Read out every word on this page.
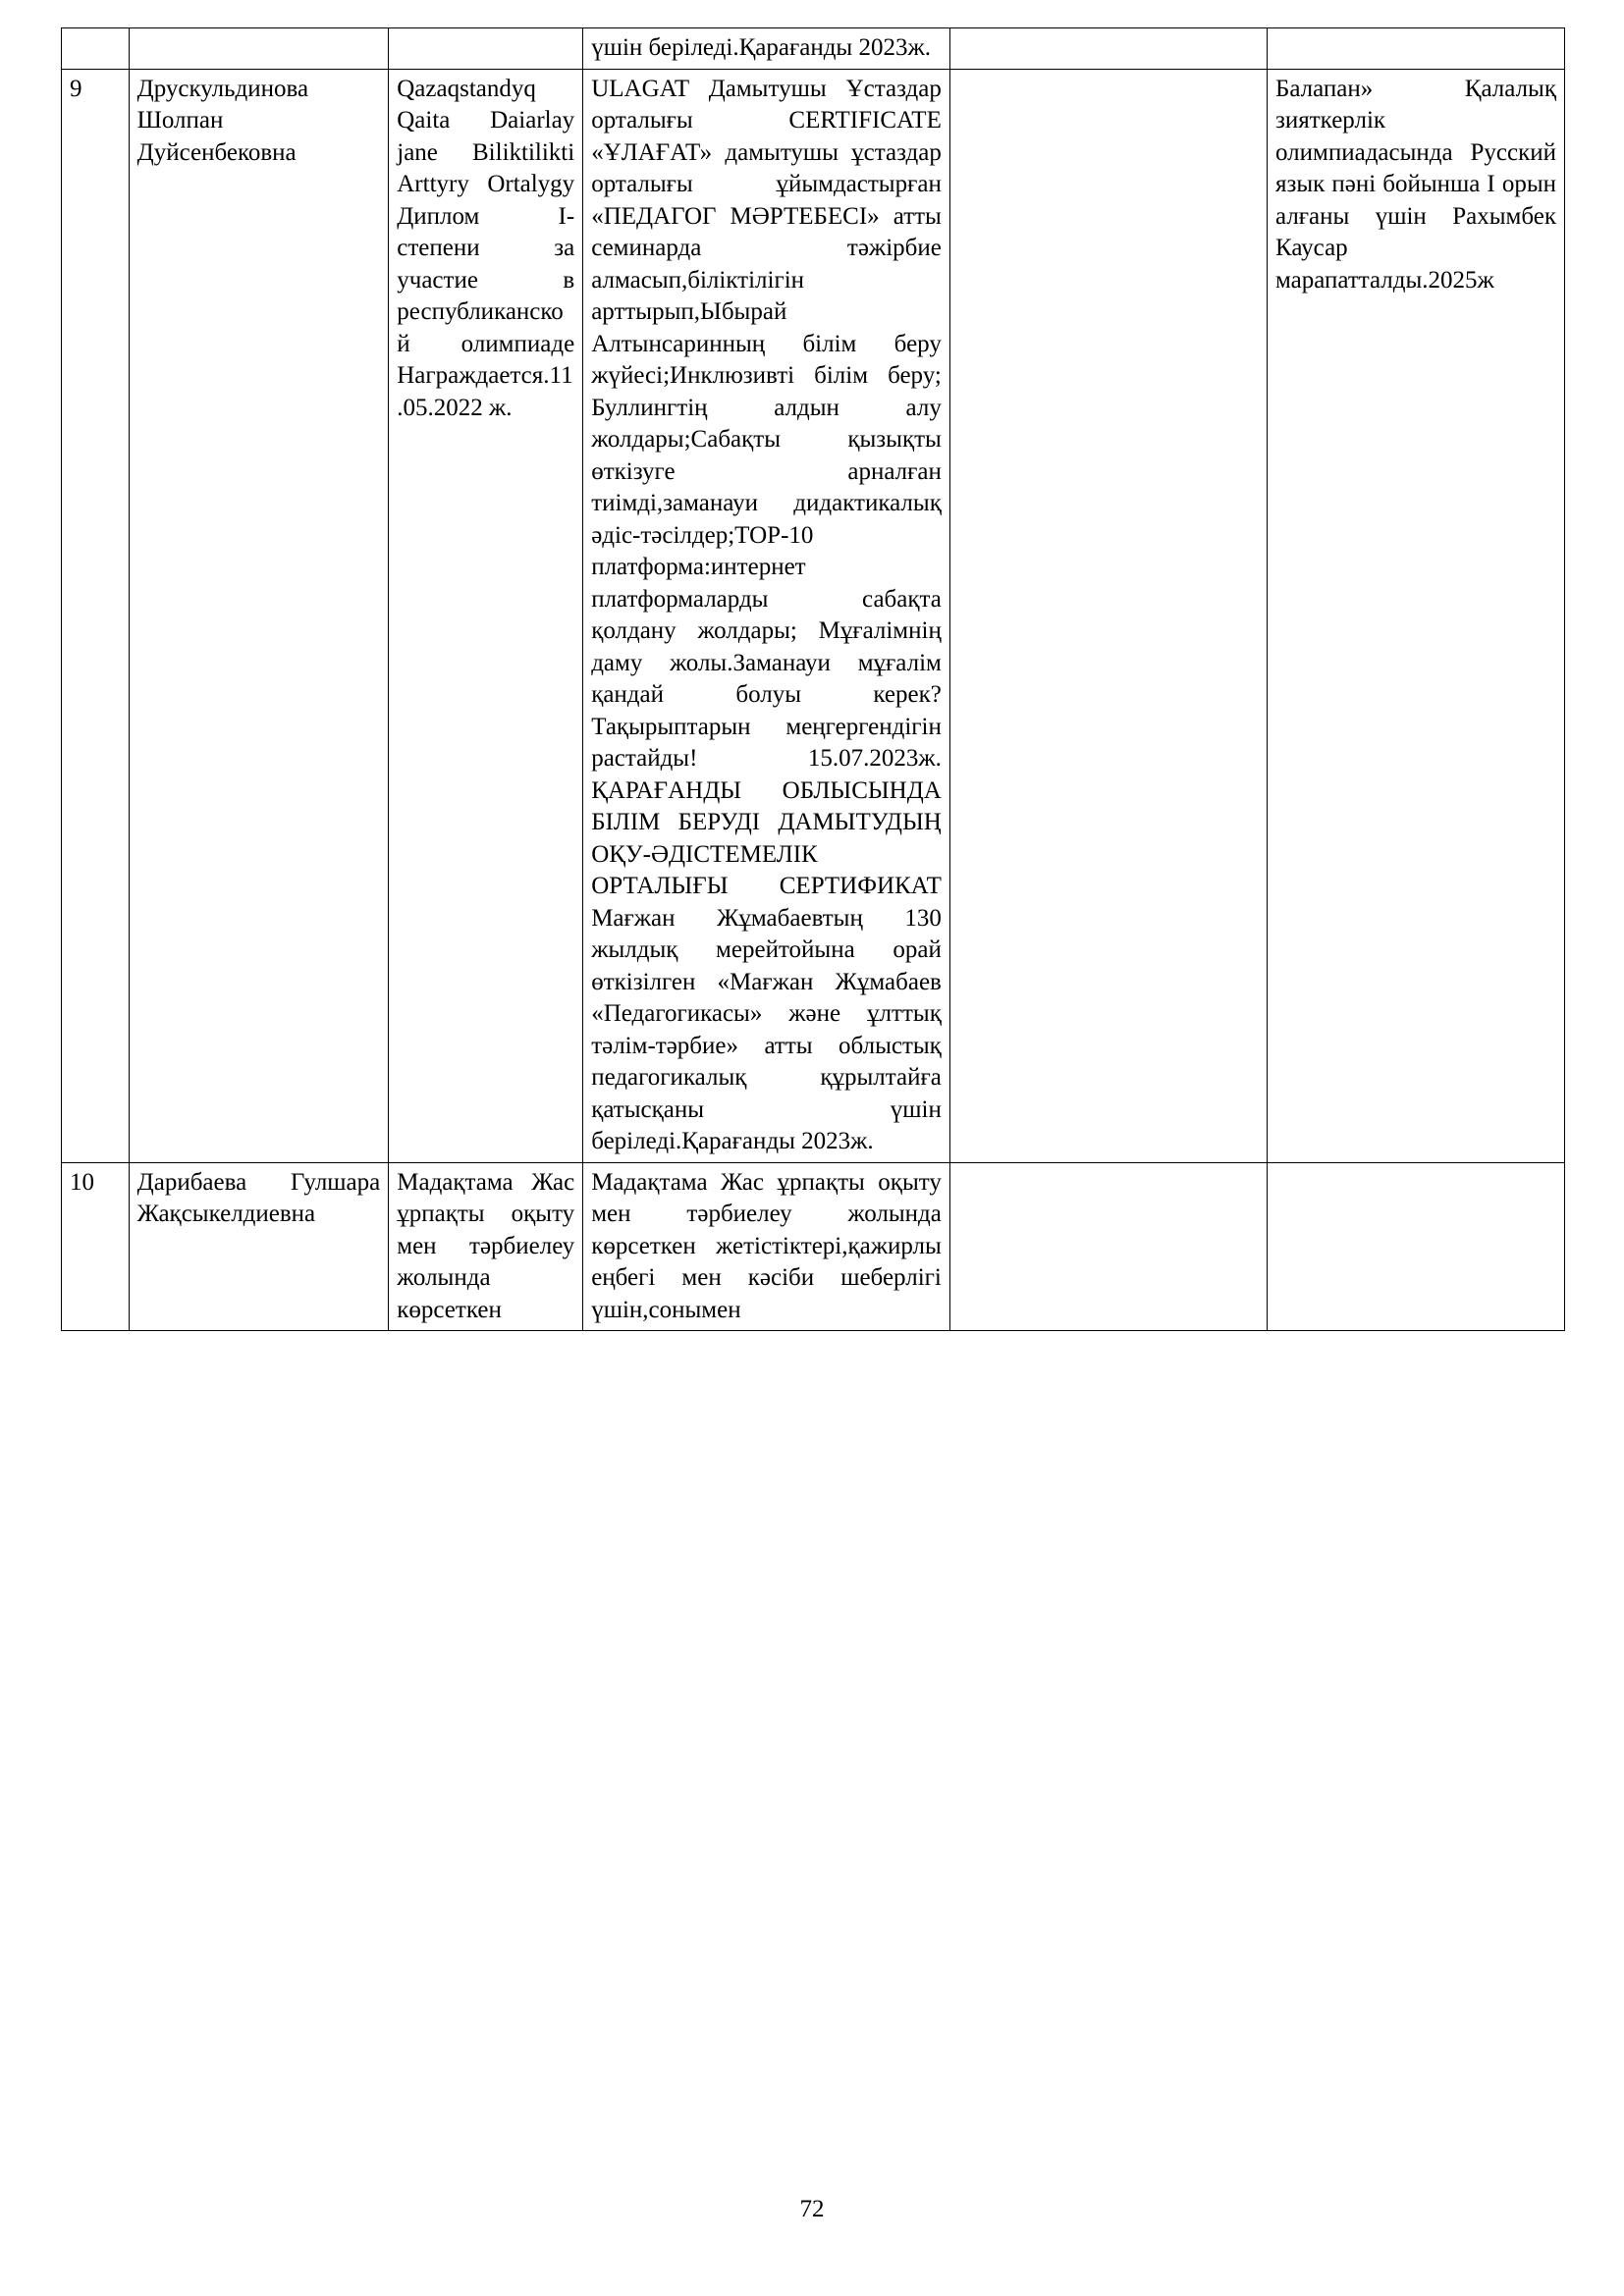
			үшін беріледі.Қарағанды 2023ж.		
9	Друскульдинова Шолпан Дуйсенбековна	Qazaqstandyq Qaita Daiarlay jane Biliktilikti Arttyry Ortalygy Диплом I-степени за участие в республиканской олимпиаде Награждается.11.05.2022 ж.	ULAGAT Дамытушы Ұстаздар орталығы CERTIFICATE «ҰЛАҒАТ» дамытушы ұстаздар орталығы ұйымдастырған «ПЕДАГОГ МӘРТЕБЕСІ» атты семинарда тәжірбие алмасып,біліктілігін арттырып,Ыбырай Алтынсаринның білім беру жүйесі;Инклюзивті білім беру; Буллингтің алдын алу жолдары;Сабақты қызықты өткізуге арналған тиімді,заманауи дидактикалық әдіс-тәсілдер;ТОР-10 платформа:интернет платформаларды сабақта қолдану жолдары; Мұғалімнің даму жолы.Заманауи мұғалім қандай болуы керек? Тақырыптарын меңгергендігін растайды! 15.07.2023ж. ҚАРАҒАНДЫ ОБЛЫСЫНДА БІЛІМ БЕРУДІ ДАМЫТУДЫҢ ОҚУ-ӘДІСТЕМЕЛІК ОРТАЛЫҒЫ СЕРТИФИКАТ Мағжан Жұмабаевтың 130 жылдық мерейтойына орай өткізілген «Мағжан Жұмабаев «Педагогикасы» және ұлттық тәлім-тәрбие» атты облыстық педагогикалық құрылтайға қатысқаны үшін беріледі.Қарағанды 2023ж.		Балапан» Қалалық зияткерлік олимпиадасында Русский язык пәні бойынша I орын алғаны үшін Рахымбек Каусар марапатталды.2025ж
10	Дарибаева Гулшара Жақсыкелдиевна	Мадақтама Жас ұрпақты оқыту мен тәрбиелеу жолында көрсеткен	Мадақтама Жас ұрпақты оқыту мен тәрбиелеу жолында көрсеткен жетістіктері,қажирлы еңбегі мен кәсіби шеберлігі үшін,сонымен		
72
